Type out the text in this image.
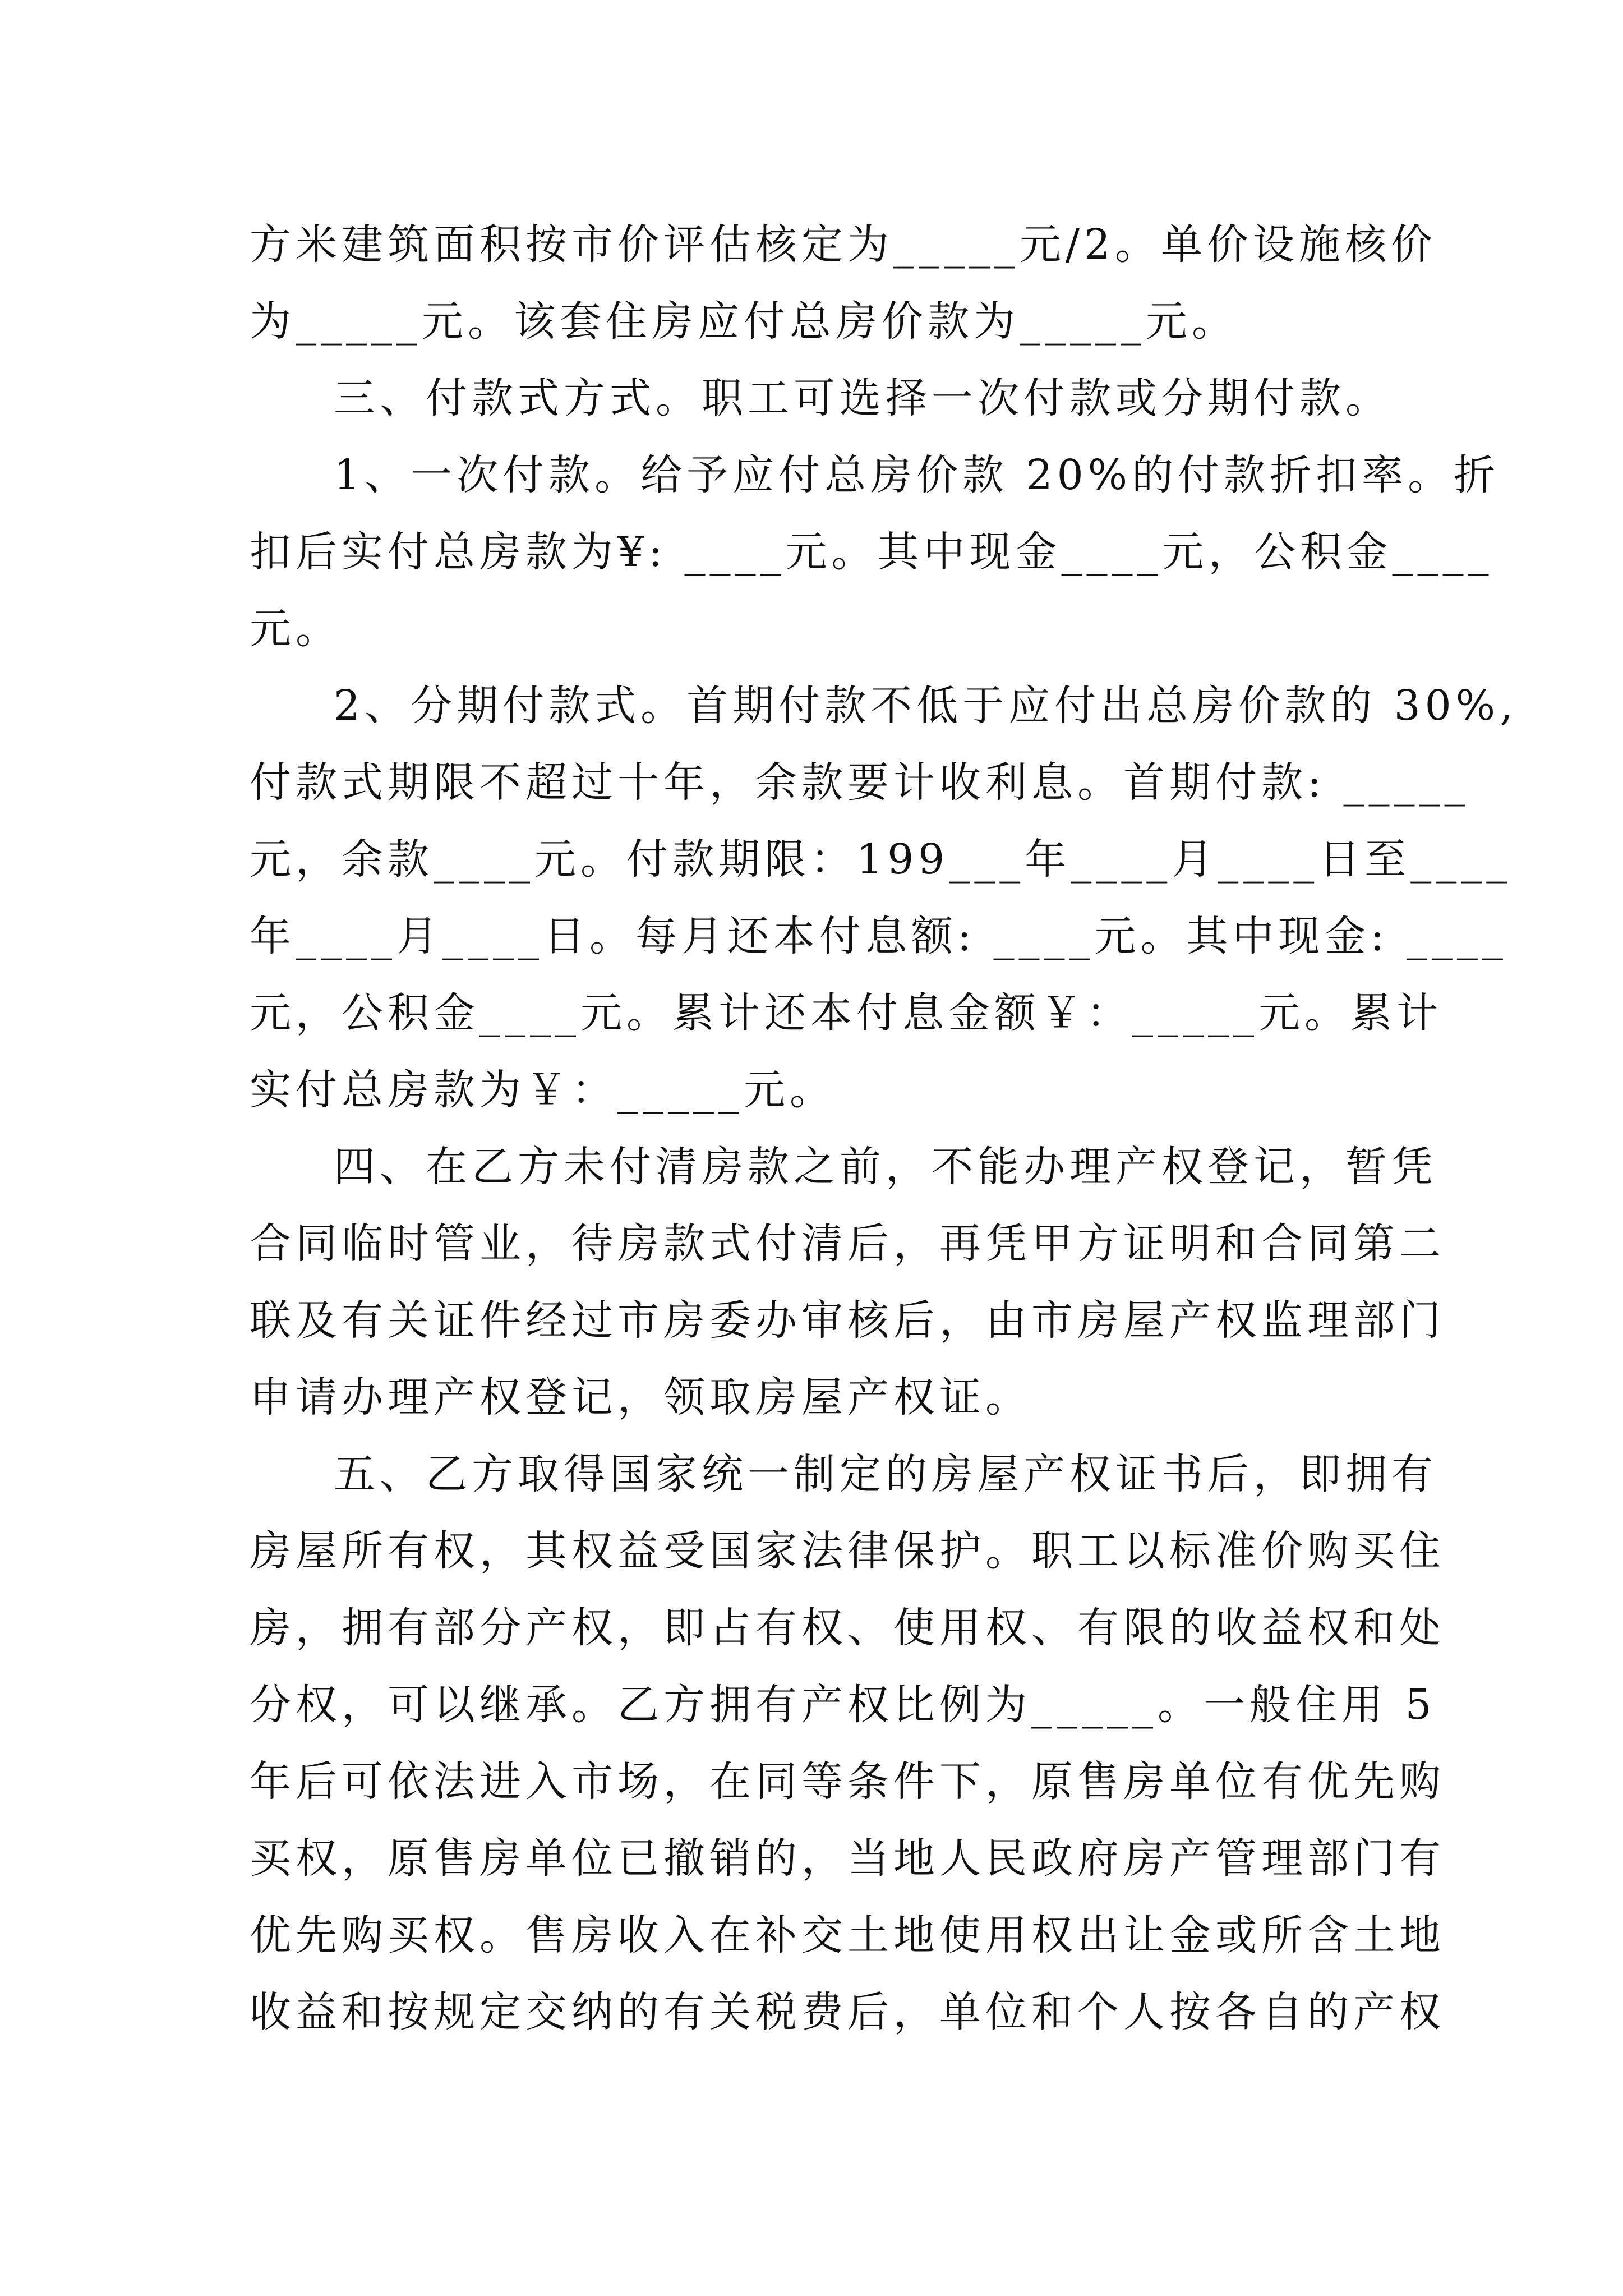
方米建筑面积按市价评估核定为_____元/2。单价设施核价
为_____元。该套住房应付总房价款为_____元。
三、付款式方式。职工可选择一次付款或分期付款。
1、一次付款。给予应付总房价款 20%的付款折扣率。折
扣后实付总房款为¥: ____元。其中现金____元，公积金____
元。
2、分期付款式。首期付款不低于应付出总房价款的 30%,
付款式期限不超过十年，余款要计收利息。首期付款: _____
元，余款____元。付款期限：199___年____月____日至____
年____月____日。每月还本付息额: ____元。其中现金: ____
元，公积金____元。累计还本付息金额￥：_____元。累计
实付总房款为￥：_____元。
四、在乙方未付清房款之前，不能办理产权登记，暂凭
合同临时管业，待房款式付清后，再凭甲方证明和合同第二
联及有关证件经过市房委办审核后，由市房屋产权监理部门
申请办理产权登记，领取房屋产权证。
五、乙方取得国家统一制定的房屋产权证书后，即拥有
房屋所有权，其权益受国家法律保护。职工以标准价购买住
房，拥有部分产权，即占有权、使用权、有限的收益权和处
分权，可以继承。乙方拥有产权比例为_____。一般住用 5
年后可依法进入市场，在同等条件下，原售房单位有优先购
买权，原售房单位已撤销的，当地人民政府房产管理部门有
优先购买权。售房收入在补交土地使用权出让金或所含土地
收益和按规定交纳的有关税费后，单位和个人按各自的产权
